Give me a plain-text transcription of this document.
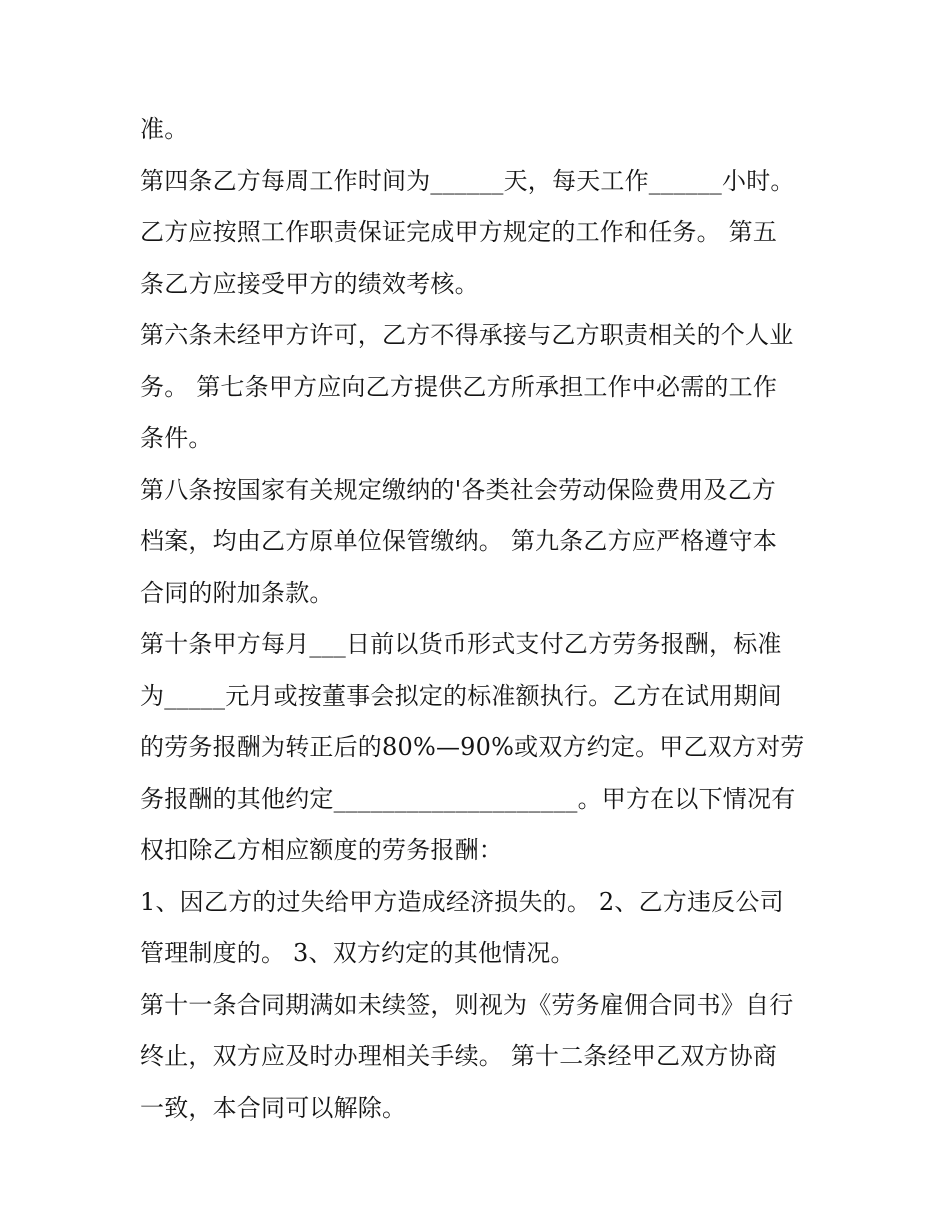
准。
第四条乙方每周工作时间为______天，每天工作______小时。
乙方应按照工作职责保证完成甲方规定的工作和任务。 第五
条乙方应接受甲方的绩效考核。
第六条未经甲方许可，乙方不得承接与乙方职责相关的个人业
务。 第七条甲方应向乙方提供乙方所承担工作中必需的工作
条件。
第八条按国家有关规定缴纳的'各类社会劳动保险费用及乙方
档案，均由乙方原单位保管缴纳。 第九条乙方应严格遵守本
合同的附加条款。
第十条甲方每月___日前以货币形式支付乙方劳务报酬，标准
为_____元月或按董事会拟定的标准额执行。乙方在试用期间
的劳务报酬为转正后的80%—90%或双方约定。甲乙双方对劳
务报酬的其他约定____________________。甲方在以下情况有
权扣除乙方相应额度的劳务报酬：
1、因乙方的过失给甲方造成经济损失的。 2、乙方违反公司
管理制度的。 3、双方约定的其他情况。
第十一条合同期满如未续签，则视为《劳务雇佣合同书》自行
终止，双方应及时办理相关手续。 第十二条经甲乙双方协商
一致，本合同可以解除。
